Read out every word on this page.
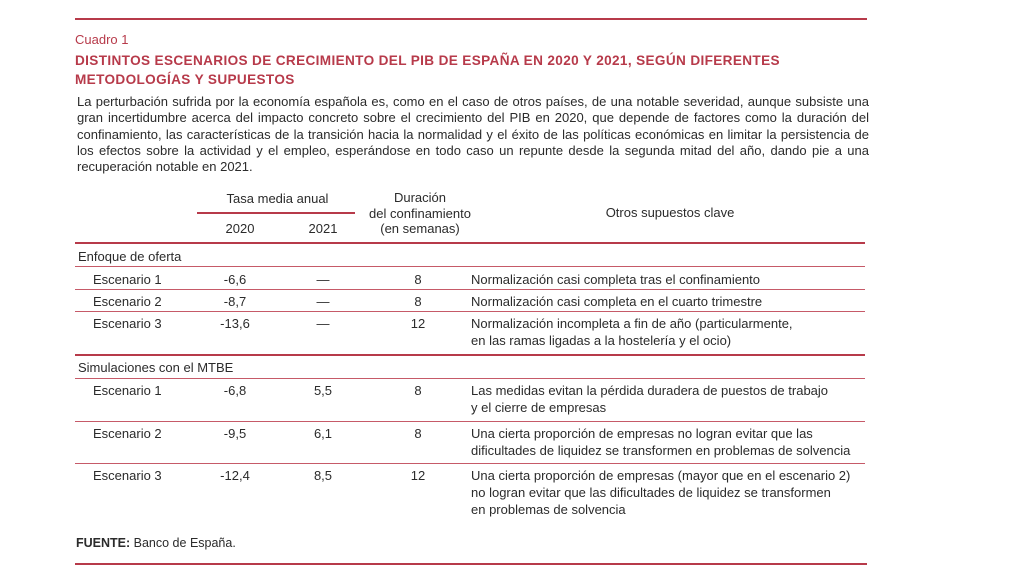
Cuadro 1
DISTINTOS ESCENARIOS DE CRECIMIENTO DEL PIB DE ESPAÑA EN 2020 Y 2021, SEGÚN DIFERENTES METODOLOGÍAS Y SUPUESTOS
La perturbación sufrida por la economía española es, como en el caso de otros países, de una notable severidad, aunque subsiste una gran incertidumbre acerca del impacto concreto sobre el crecimiento del PIB en 2020, que depende de factores como la duración del confinamiento, las características de la transición hacia la normalidad y el éxito de las políticas económicas en limitar la persistencia de los efectos sobre la actividad y el empleo, esperándose en todo caso un repunte desde la segunda mitad del año, dando pie a una recuperación notable en 2021.
Tasa media anual
2020	2021
Duración
del confinamiento
(en semanas)
Otros supuestos clave
Enfoque de oferta
Escenario 1	-6,6	—	8	Normalización casi completa tras el confinamiento
Escenario 2	-8,7	—	8	Normalización casi completa en el cuarto trimestre
Escenario 3	-13,6	—	12	Normalización incompleta a fin de año (particularmente,
en las ramas ligadas a la hostelería y el ocio)
Simulaciones con el MTBE
Escenario 1	-6,8	5,5	8	Las medidas evitan la pérdida duradera de puestos de trabajo
y el cierre de empresas
Escenario 2	-9,5	6,1	8	Una cierta proporción de empresas no logran evitar que las
dificultades de liquidez se transformen en problemas de solvencia
Escenario 3	-12,4	8,5	12	Una cierta proporción de empresas (mayor que en el escenario 2)
no logran evitar que las dificultades de liquidez se transformen
en problemas de solvencia
FUENTE: Banco de España.
